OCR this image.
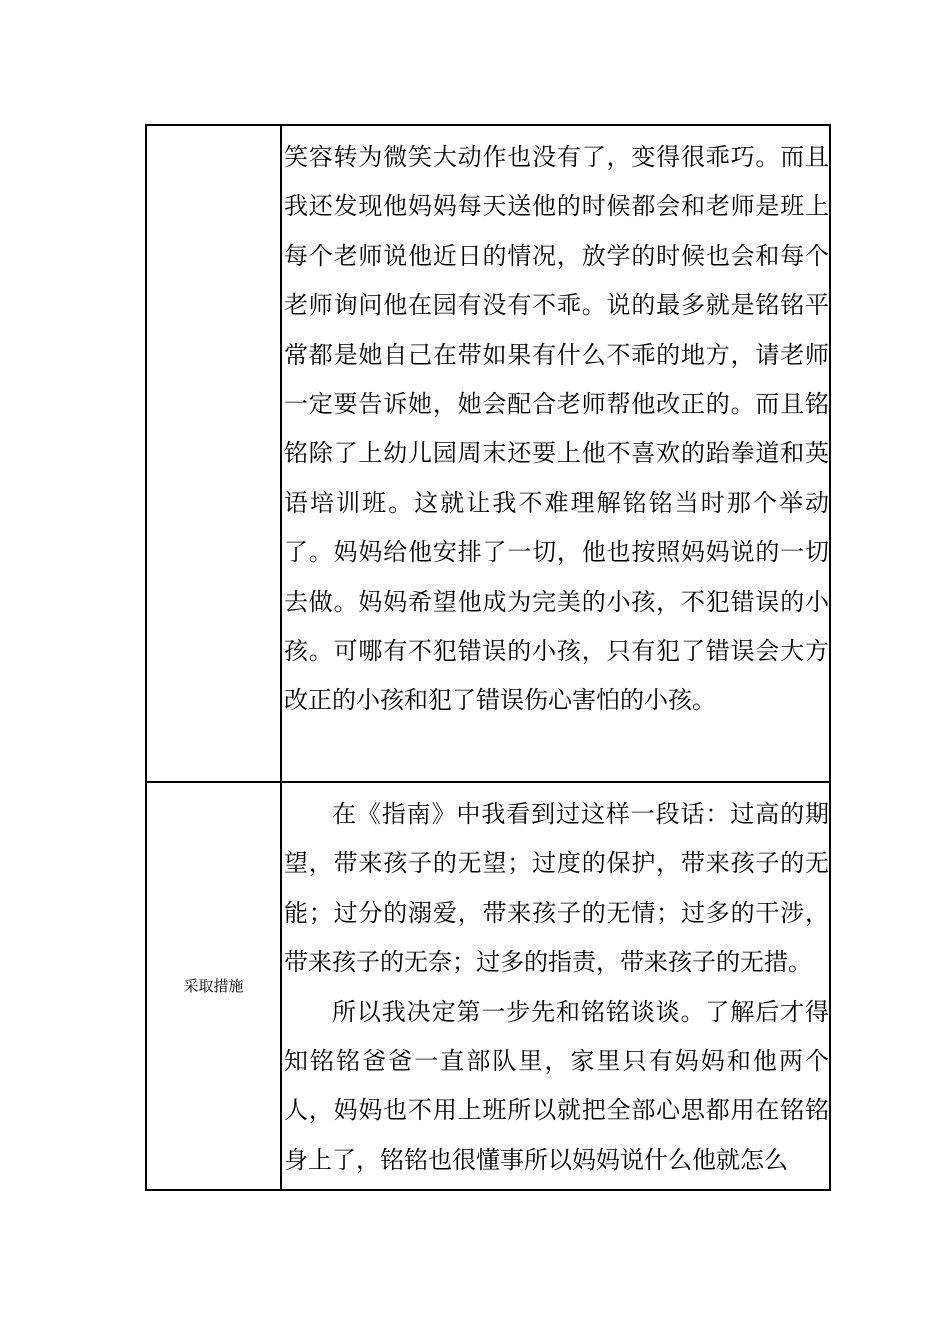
	笑容转为微笑大动作也没有了，变得很乖巧。而且我还发现他妈妈每天送他的时候都会和老师是班上每个老师说他近日的情况，放学的时候也会和每个老师询问他在园有没有不乖。说的最多就是铭铭平常都是她自己在带如果有什么不乖的地方，请老师一定要告诉她，她会配合老师帮他改正的。而且铭铭除了上幼儿园周末还要上他不喜欢的跆拳道和英语培训班。这就让我不难理解铭铭当时那个举动了。妈妈给他安排了一切，他也按照妈妈说的一切去做。妈妈希望他成为完美的小孩，不犯错误的小孩。可哪有不犯错误的小孩，只有犯了错误会大方改正的小孩和犯了错误伤心害怕的小孩。

采取措施	在《指南》中我看到过这样一段话：过高的期望，带来孩子的无望；过度的保护，带来孩子的无能；过分的溺爱，带来孩子的无情；过多的干涉，带来孩子的无奈；过多的指责，带来孩子的无措。

所以我决定第一步先和铭铭谈谈。了解后才得知铭铭爸爸一直部队里，家里只有妈妈和他两个人，妈妈也不用上班所以就把全部心思都用在铭铭身上了，铭铭也很懂事所以妈妈说什么他就怎么
